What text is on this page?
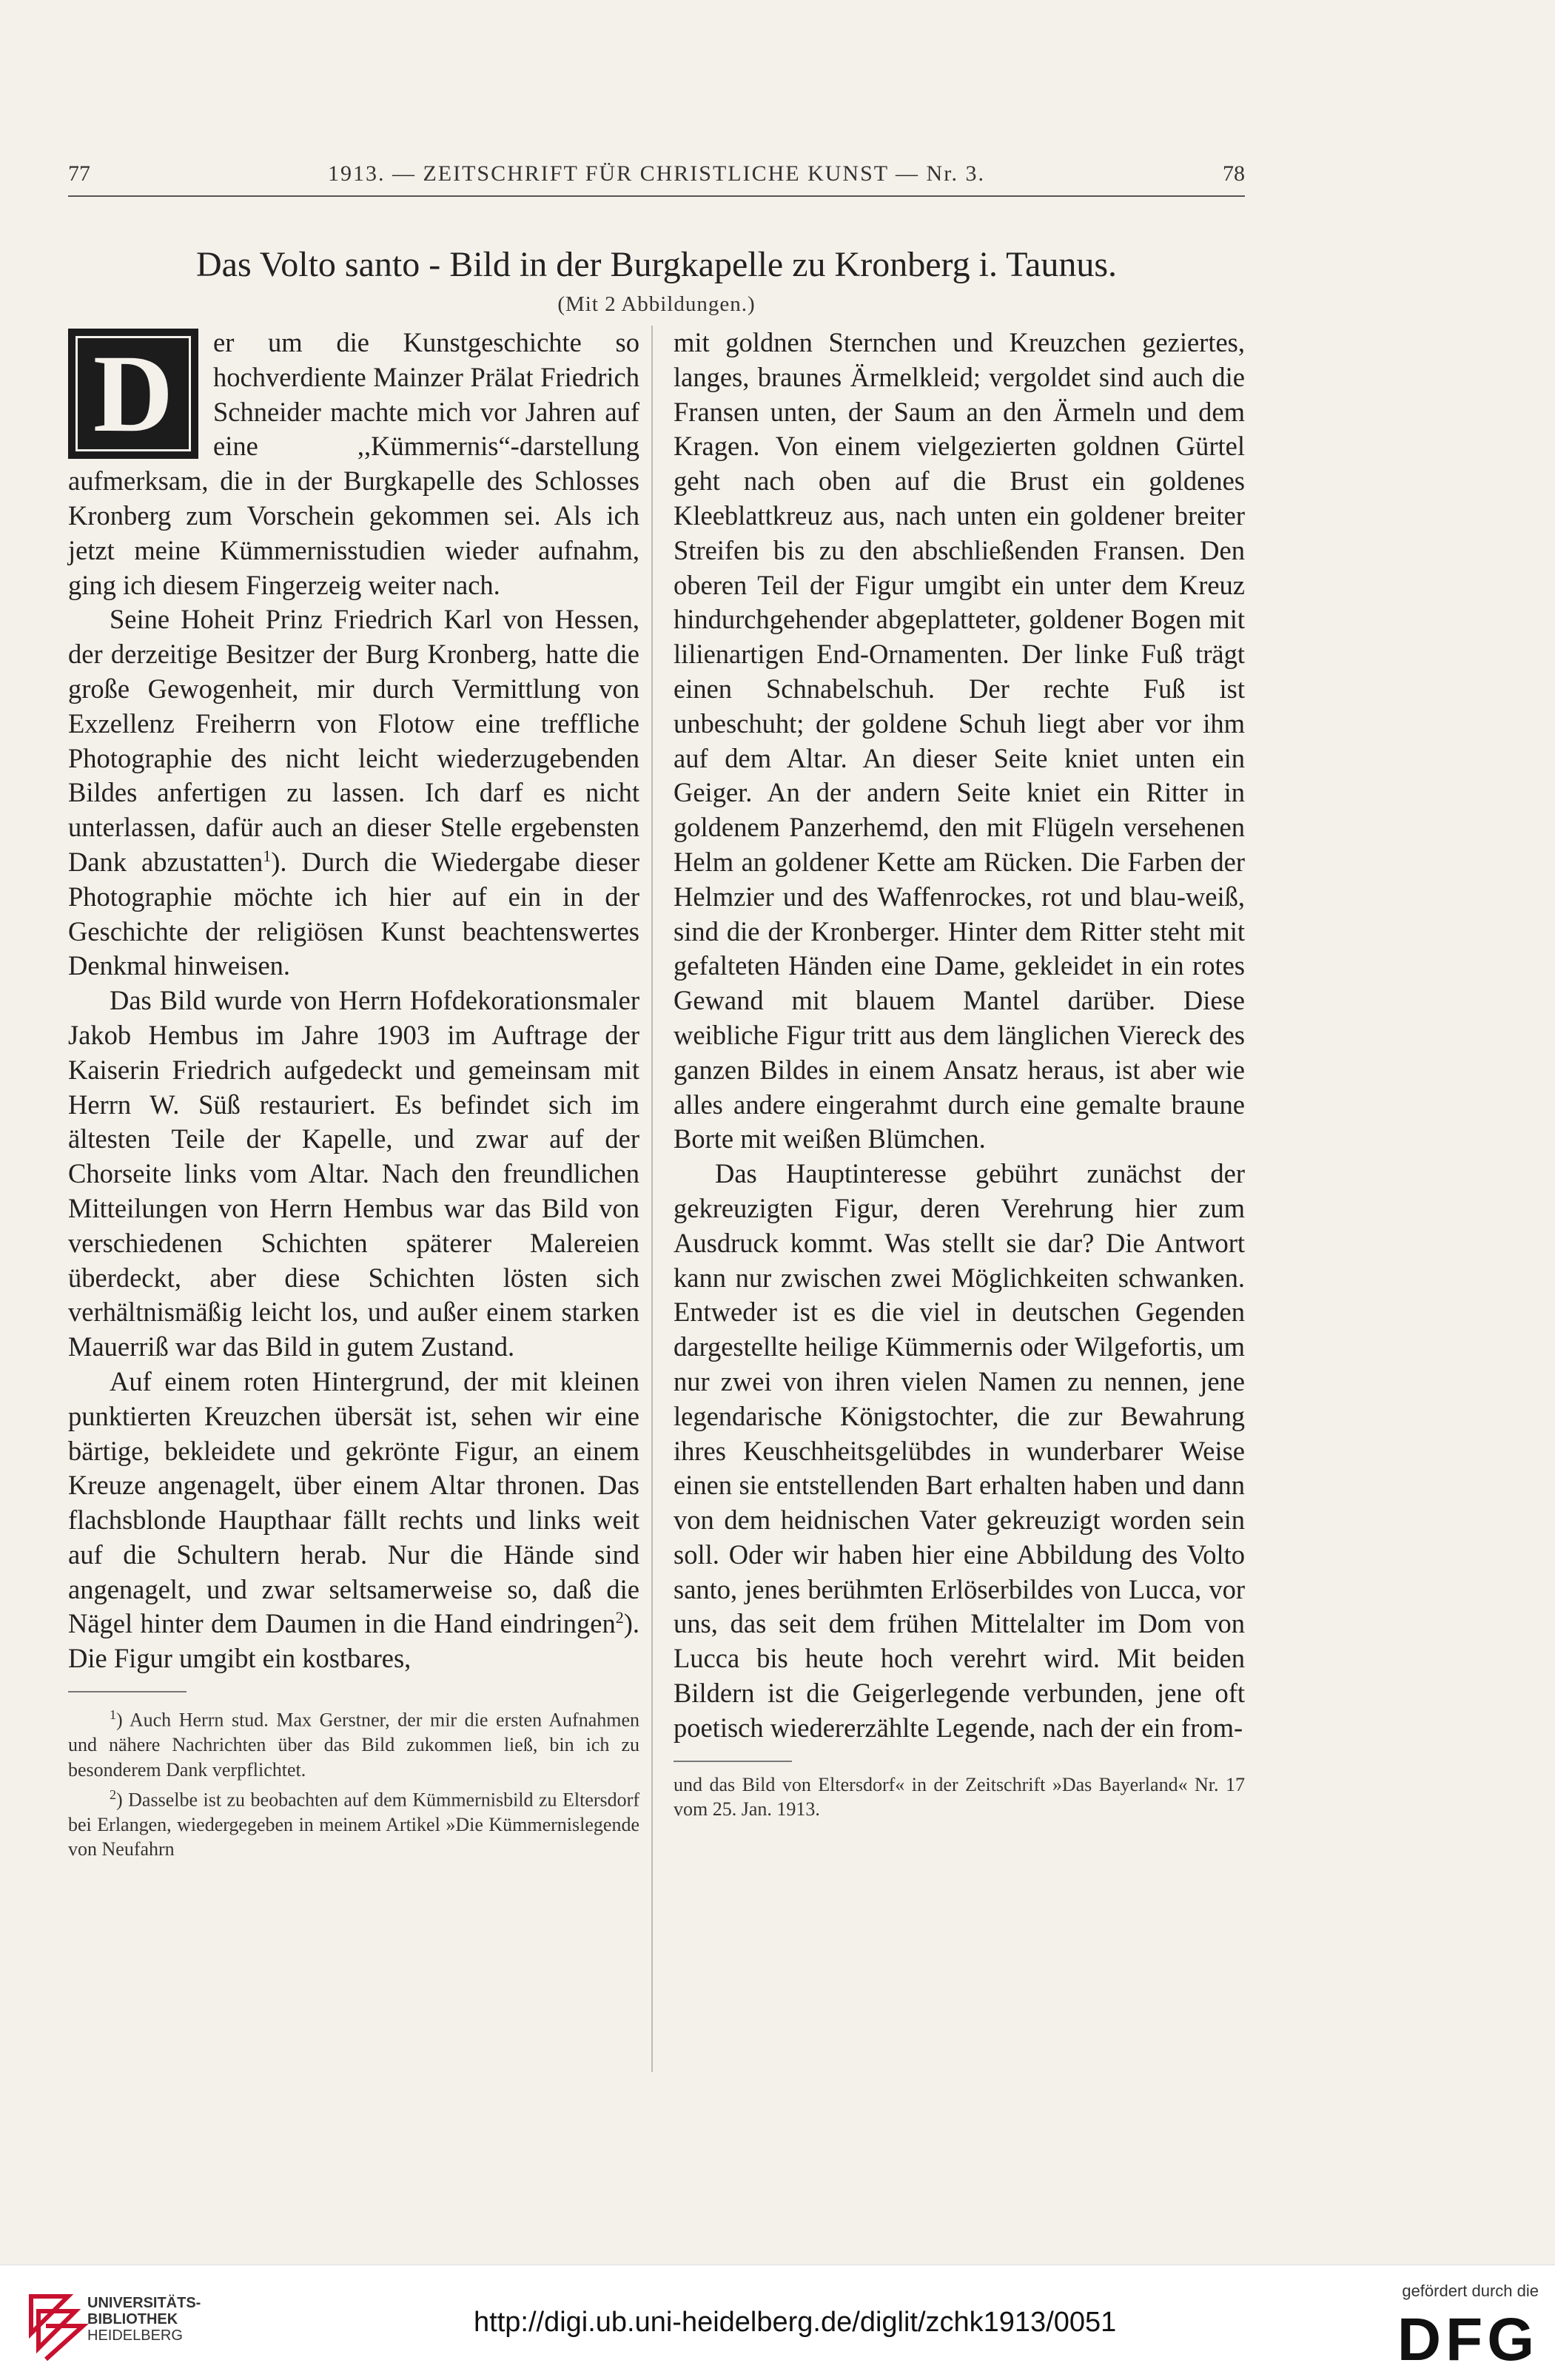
77	1913. — ZEITSCHRIFT FÜR CHRISTLICHE KUNST — Nr. 3.	78
Das Volto santo - Bild in der Burgkapelle zu Kronberg i. Taunus.
(Mit 2 Abbildungen.)
D	er um die Kunstgeschichte so hochverdiente Mainzer Prälat Friedrich Schneider machte mich vor Jahren auf eine ,,Kümmernis“-darstellung aufmerksam, die in der Burgkapelle des Schlosses Kronberg zum Vorschein gekommen sei. Als ich jetzt meine Kümmernisstudien wieder aufnahm, ging ich diesem Fingerzeig weiter nach.

Seine Hoheit Prinz Friedrich Karl von Hessen, der derzeitige Besitzer der Burg Kronberg, hatte die große Gewogenheit, mir durch Vermittlung von Exzellenz Freiherrn von Flotow eine treffliche Photographie des nicht leicht wiederzugebenden Bildes anfertigen zu lassen. Ich darf es nicht unterlassen, dafür auch an dieser Stelle ergebensten Dank abzustatten$^1$). Durch die Wiedergabe dieser Photographie möchte ich hier auf ein in der Geschichte der religiösen Kunst beachtenswertes Denkmal hinweisen.

Das Bild wurde von Herrn Hofdekorationsmaler Jakob Hembus im Jahre 1903 im Auftrage der Kaiserin Friedrich aufgedeckt und gemeinsam mit Herrn W. Süß restauriert. Es befindet sich im ältesten Teile der Kapelle, und zwar auf der Chorseite links vom Altar. Nach den freundlichen Mitteilungen von Herrn Hembus war das Bild von verschiedenen Schichten späterer Malereien überdeckt, aber diese Schichten lösten sich verhältnismäßig leicht los, und außer einem starken Mauerriß war das Bild in gutem Zustand.

Auf einem roten Hintergrund, der mit kleinen punktierten Kreuzchen übersät ist, sehen wir eine bärtige, bekleidete und gekrönte Figur, an einem Kreuze angenagelt, über einem Altar thronen. Das flachsblonde Haupthaar fällt rechts und links weit auf die Schultern herab. Nur die Hände sind angenagelt, und zwar seltsamerweise so, daß die Nägel hinter dem Daumen in die Hand eindringen$^2$). Die Figur umgibt ein kostbares,

$^1$) Auch Herrn stud. Max Gerstner, der mir die ersten Aufnahmen und nähere Nachrichten über das Bild zukommen ließ, bin ich zu besonderem Dank verpflichtet.

$^2$) Dasselbe ist zu beobachten auf dem Kümmernisbild zu Eltersdorf bei Erlangen, wiedergegeben in meinem Artikel »Die Kümmernislegende von Neufahrn

mit goldnen Sternchen und Kreuzchen geziertes, langes, braunes Ärmelkleid; vergoldet sind auch die Fransen unten, der Saum an den Ärmeln und dem Kragen. Von einem vielgezierten goldnen Gürtel geht nach oben auf die Brust ein goldenes Kleeblattkreuz aus, nach unten ein goldener breiter Streifen bis zu den abschließenden Fransen. Den oberen Teil der Figur umgibt ein unter dem Kreuz hindurchgehender abgeplatteter, goldener Bogen mit lilienartigen End-Ornamenten. Der linke Fuß trägt einen Schnabelschuh. Der rechte Fuß ist unbeschuht; der goldene Schuh liegt aber vor ihm auf dem Altar. An dieser Seite kniet unten ein Geiger. An der andern Seite kniet ein Ritter in goldenem Panzerhemd, den mit Flügeln versehenen Helm an goldener Kette am Rücken. Die Farben der Helmzier und des Waffenrockes, rot und blau-weiß, sind die der Kronberger. Hinter dem Ritter steht mit gefalteten Händen eine Dame, gekleidet in ein rotes Gewand mit blauem Mantel darüber. Diese weibliche Figur tritt aus dem länglichen Viereck des ganzen Bildes in einem Ansatz heraus, ist aber wie alles andere eingerahmt durch eine gemalte braune Borte mit weißen Blümchen.

Das Hauptinteresse gebührt zunächst der gekreuzigten Figur, deren Verehrung hier zum Ausdruck kommt. Was stellt sie dar? Die Antwort kann nur zwischen zwei Möglichkeiten schwanken. Entweder ist es die viel in deutschen Gegenden dargestellte heilige Kümmernis oder Wilgefortis, um nur zwei von ihren vielen Namen zu nennen, jene legendarische Königstochter, die zur Bewahrung ihres Keuschheitsgelübdes in wunderbarer Weise einen sie entstellenden Bart erhalten haben und dann von dem heidnischen Vater gekreuzigt worden sein soll. Oder wir haben hier eine Abbildung des Volto santo, jenes berühmten Erlöserbildes von Lucca, vor uns, das seit dem frühen Mittelalter im Dom von Lucca bis heute hoch verehrt wird. Mit beiden Bildern ist die Geigerlegende verbunden, jene oft poetisch wiedererzählte Legende, nach der ein from-

und das Bild von Eltersdorf« in der Zeitschrift »Das Bayerland« Nr. 17 vom 25. Jan. 1913.

UNIVERSITÄTS-
BIBLIOTHEK
HEIDELBERG	http://digi.ub.uni-heidelberg.de/diglit/zchk1913/0051
gefördert durch die
DFG
